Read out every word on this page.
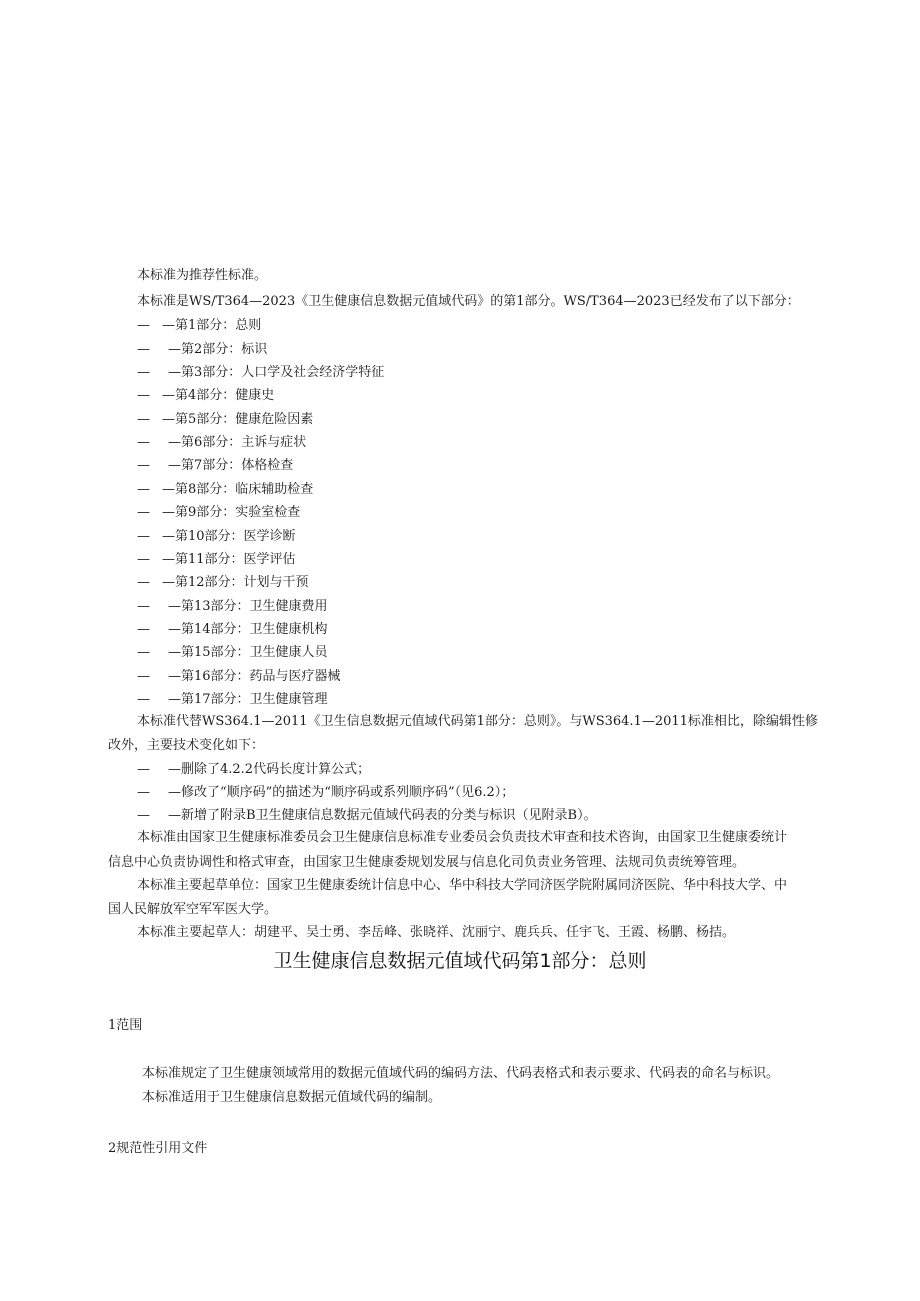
本标准为推荐性标准。
本标准是WS/T364—2023《卫生健康信息数据元值域代码》的第1部分。WS/T364—2023已经发布了以下部分：
— —第1部分：总则
— —第2部分：标识
— —第3部分：人口学及社会经济学特征
— —第4部分：健康史
— —第5部分：健康危险因素
— —第6部分：主诉与症状
— —第7部分：体格检查
— —第8部分：临床辅助检查
— —第9部分：实验室检查
— —第10部分：医学诊断
— —第11部分：医学评估
— —第12部分：计划与干预
— —第13部分：卫生健康费用
— —第14部分：卫生健康机构
— —第15部分：卫生健康人员
— —第16部分：药品与医疗器械
— —第17部分：卫生健康管理
本标准代替WS364.1—2011《卫生信息数据元值域代码第1部分：总则》。与WS364.1—2011标准相比，除编辑性修
改外，主要技术变化如下：
— —删除了4.2.2代码长度计算公式；
— —修改了“顺序码”的描述为“顺序码或系列顺序码”（见6.2）；
— —新增了附录B卫生健康信息数据元值域代码表的分类与标识（见附录B）。
本标准由国家卫生健康标准委员会卫生健康信息标准专业委员会负责技术审查和技术咨询，由国家卫生健康委统计
信息中心负责协调性和格式审查，由国家卫生健康委规划发展与信息化司负责业务管理、法规司负责统筹管理。
本标准主要起草单位：国家卫生健康委统计信息中心、华中科技大学同济医学院附属同济医院、华中科技大学、中
国人民解放军空军军医大学。
本标准主要起草人：胡建平、吴士勇、李岳峰、张晓祥、沈丽宁、鹿兵兵、任宇飞、王霞、杨鹏、杨拮。
卫生健康信息数据元值域代码第1部分：总则
1范围
本标准规定了卫生健康领域常用的数据元值域代码的编码方法、代码表格式和表示要求、代码表的命名与标识。
本标准适用于卫生健康信息数据元值域代码的编制。
2规范性引用文件
